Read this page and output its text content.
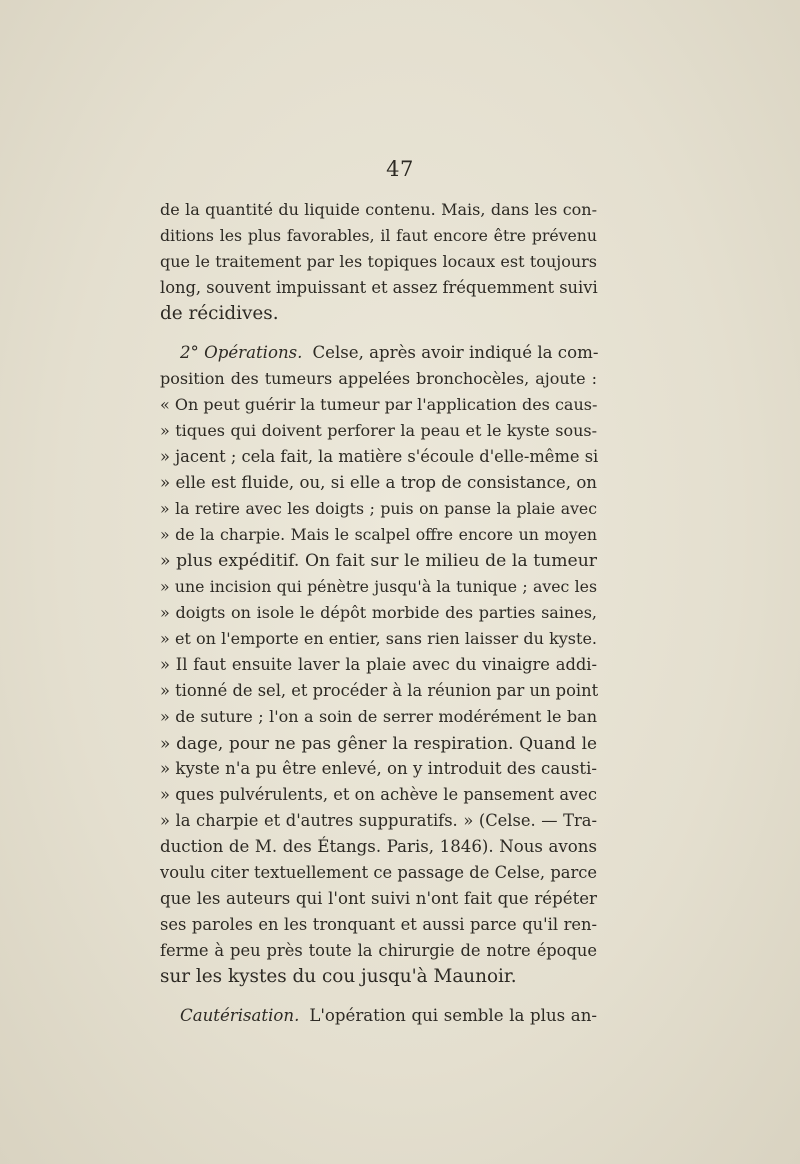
47
de la quantité du liquide contenu. Mais, dans les con-
ditions les plus favorables, il faut encore être prévenu
que le traitement par les topiques locaux est toujours
long, souvent impuissant et assez fréquemment suivi
de récidives.
2° Opérations. Celse, après avoir indiqué la com-
position des tumeurs appelées bronchocèles, ajoute :
« On peut guérir la tumeur par l'application des caus-
» tiques qui doivent perforer la peau et le kyste sous-
» jacent ; cela fait, la matière s'écoule d'elle-même si
» elle est fluide, ou, si elle a trop de consistance, on
» la retire avec les doigts ; puis on panse la plaie avec
» de la charpie. Mais le scalpel offre encore un moyen
» plus expéditif. On fait sur le milieu de la tumeur
» une incision qui pénètre jusqu'à la tunique ; avec les
» doigts on isole le dépôt morbide des parties saines,
» et on l'emporte en entier, sans rien laisser du kyste.
» Il faut ensuite laver la plaie avec du vinaigre addi-
» tionné de sel, et procéder à la réunion par un point
» de suture ; l'on a soin de serrer modérément le ban
» dage, pour ne pas gêner la respiration. Quand le
» kyste n'a pu être enlevé, on y introduit des causti-
» ques pulvérulents, et on achève le pansement avec
» la charpie et d'autres suppuratifs. » (Celse. — Tra-
duction de M. des Étangs. Paris, 1846). Nous avons
voulu citer textuellement ce passage de Celse, parce
que les auteurs qui l'ont suivi n'ont fait que répéter
ses paroles en les tronquant et aussi parce qu'il ren-
ferme à peu près toute la chirurgie de notre époque
sur les kystes du cou jusqu'à Maunoir.
Cautérisation. L'opération qui semble la plus an-
